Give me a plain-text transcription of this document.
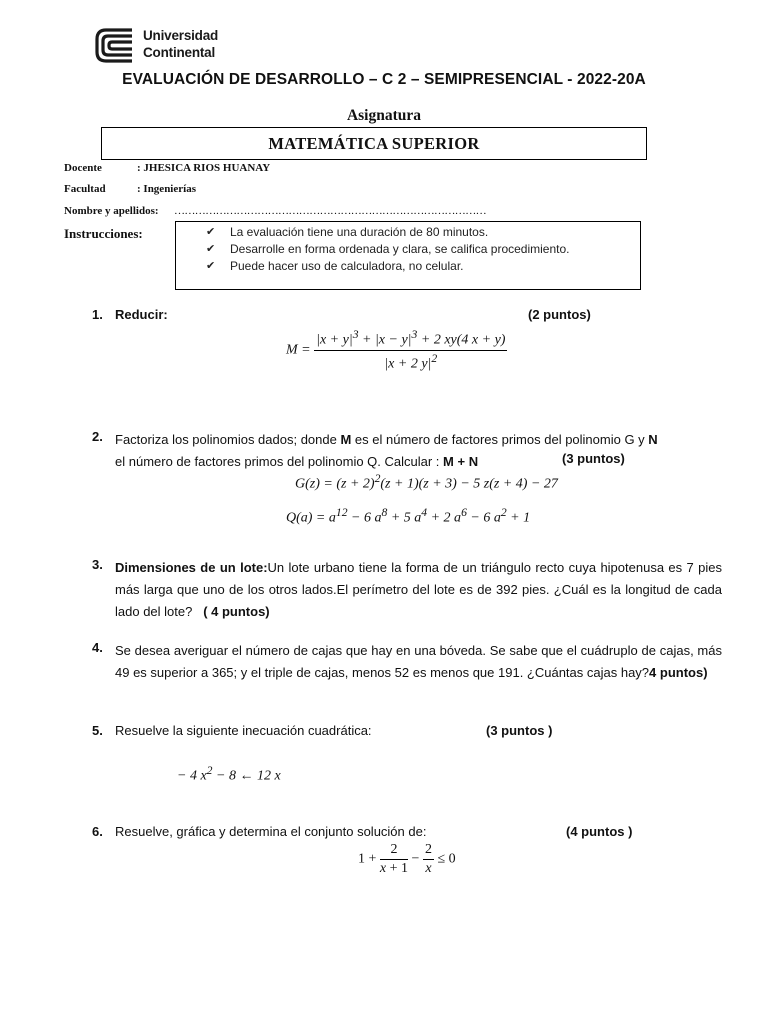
Universidad
Continental
EVALUACIÓN DE DESARROLLO – C 2 – SEMIPRESENCIAL - 2022-20A
Asignatura
MATEMÁTICA SUPERIOR
Docente	: JHESICA RIOS HUANAY
Facultad	: Ingenierías
Nombre y apellidos: ………………………………………………………………………………
Instrucciones:	✔ La evaluación tiene una duración de 80 minutos.
✔ Desarrolle en forma ordenada y clara, se califica procedimiento.
✔ Puede hacer uso de calculadora, no celular.
1. Reducir:	(2 puntos)
$M = \frac{|x + y|^3 + |x - y|^3 + 2 xy(4 x + y)}{|x + 2 y|^2}$
2. Factoriza los polinomios dados; donde M es el número de factores primos del polinomio G y N
el número de factores primos del polinomio Q. Calcular : M + N	(3 puntos)
$G(z) = (z + 2)^2(z + 1)(z + 3) - 5$ z(z + 4) − 27
$Q(a) = a^{12} - 6$ $a^8 + 5$ $a^4 + 2$ $a^6 - 6$ $a^2 + 1$
3. Dimensiones de un lote:Un lote urbano tiene la forma de un triángulo recto cuya hipotenusa es 7 pies más larga que uno de los otros lados.El perímetro del lote es de 392 pies. ¿Cuál es la longitud de cada lado del lote? ( 4 puntos)
4. Se desea averiguar el número de cajas que hay en una bóveda. Se sabe que el cuádruplo de cajas, más 49 es superior a 365; y el triple de cajas, menos 52 es menos que 191. ¿Cuántas cajas hay?4 puntos)
5. Resuelve la siguiente inecuación cuadrática:	(3 puntos )
− 4 $x^2 - 8$ ← 12 x
6. Resuelve, gráfica y determina el conjunto solución de:	(4 puntos )
$1 + \frac{2}{x + 1} - \frac{2}{x} \le 0$
